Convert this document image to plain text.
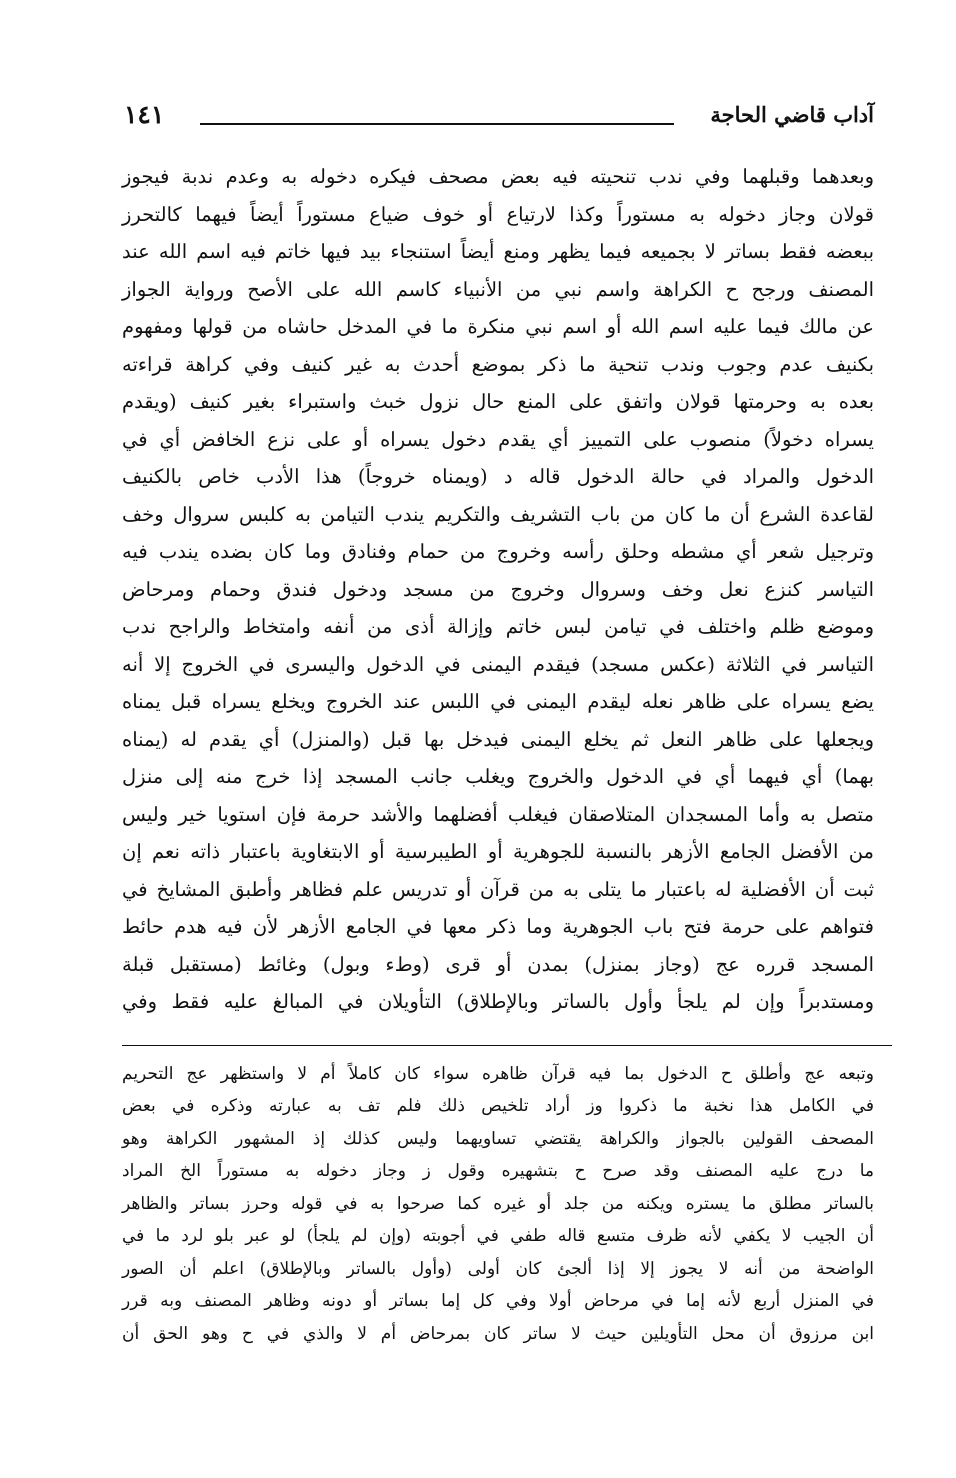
آداب قاضي الحاجة
١٤١
وبعدهما وقبلهما وفي ندب تنحيته فيه بعض مصحف فيكره دخوله به وعدم ندبة فيجوز
قولان وجاز دخوله به مستوراً وكذا لارتياع أو خوف ضياع مستوراً أيضاً فيهما كالتحرز
ببعضه فقط بساتر لا بجميعه فيما يظهر ومنع أيضاً استنجاء بيد فيها خاتم فيه اسم الله عند
المصنف ورجح ح الكراهة واسم نبي من الأنبياء كاسم الله على الأصح ورواية الجواز
عن مالك فيما عليه اسم الله أو اسم نبي منكرة ما في المدخل حاشاه من قولها ومفهوم
بكنيف عدم وجوب وندب تنحية ما ذكر بموضع أحدث به غير كنيف وفي كراهة قراءته
بعده به وحرمتها قولان واتفق على المنع حال نزول خبث واستبراء بغير كنيف (ويقدم
يسراه دخولاً) منصوب على التمييز أي يقدم دخول يسراه أو على نزع الخافض أي في
الدخول والمراد في حالة الدخول قاله د (ويمناه خروجاً) هذا الأدب خاص بالكنيف
لقاعدة الشرع أن ما كان من باب التشريف والتكريم يندب التيامن به كلبس سروال وخف
وترجيل شعر أي مشطه وحلق رأسه وخروج من حمام وفنادق وما كان بضده يندب فيه
التياسر كنزع نعل وخف وسروال وخروج من مسجد ودخول فندق وحمام ومرحاض
وموضع ظلم واختلف في تيامن لبس خاتم وإزالة أذى من أنفه وامتخاط والراجح ندب
التياسر في الثلاثة (عكس مسجد) فيقدم اليمنى في الدخول واليسرى في الخروج إلا أنه
يضع يسراه على ظاهر نعله ليقدم اليمنى في اللبس عند الخروج ويخلع يسراه قبل يمناه
ويجعلها على ظاهر النعل ثم يخلع اليمنى فيدخل بها قبل (والمنزل) أي يقدم له (يمناه
بهما) أي فيهما أي في الدخول والخروج ويغلب جانب المسجد إذا خرج منه إلى منزل
متصل به وأما المسجدان المتلاصقان فيغلب أفضلهما والأشد حرمة فإن استويا خير وليس
من الأفضل الجامع الأزهر بالنسبة للجوهرية أو الطيبرسية أو الابتغاوية باعتبار ذاته نعم إن
ثبت أن الأفضلية له باعتبار ما يتلى به من قرآن أو تدريس علم فظاهر وأطبق المشايخ في
فتواهم على حرمة فتح باب الجوهرية وما ذكر معها في الجامع الأزهر لأن فيه هدم حائط
المسجد قرره عج (وجاز بمنزل) بمدن أو قرى (وطء وبول) وغائط (مستقبل قبلة
ومستدبراً وإن لم يلجأ وأول بالساتر وبالإطلاق) التأويلان في المبالغ عليه فقط وفي
وتبعه عج وأطلق ح الدخول بما فيه قرآن ظاهره سواء كان كاملاً أم لا واستظهر عج التحريم
في الكامل هذا نخبة ما ذكروا وز أراد تلخيص ذلك فلم تف به عبارته وذكره في بعض
المصحف القولين بالجواز والكراهة يقتضي تساويهما وليس كذلك إذ المشهور الكراهة وهو
ما درج عليه المصنف وقد صرح ح بتشهيره وقول ز وجاز دخوله به مستوراً الخ المراد
بالساتر مطلق ما يستره ويكنه من جلد أو غيره كما صرحوا به في قوله وحرز بساتر والظاهر
أن الجيب لا يكفي لأنه ظرف متسع قاله طفي في أجوبته (وإن لم يلجأ) لو عبر بلو لرد ما في
الواضحة من أنه لا يجوز إلا إذا ألجئ كان أولى (وأول بالساتر وبالإطلاق) اعلم أن الصور
في المنزل أربع لأنه إما في مرحاض أولا وفي كل إما بساتر أو دونه وظاهر المصنف وبه قرر
ابن مرزوق أن محل التأويلين حيث لا ساتر كان بمرحاض أم لا والذي في ح وهو الحق أن
